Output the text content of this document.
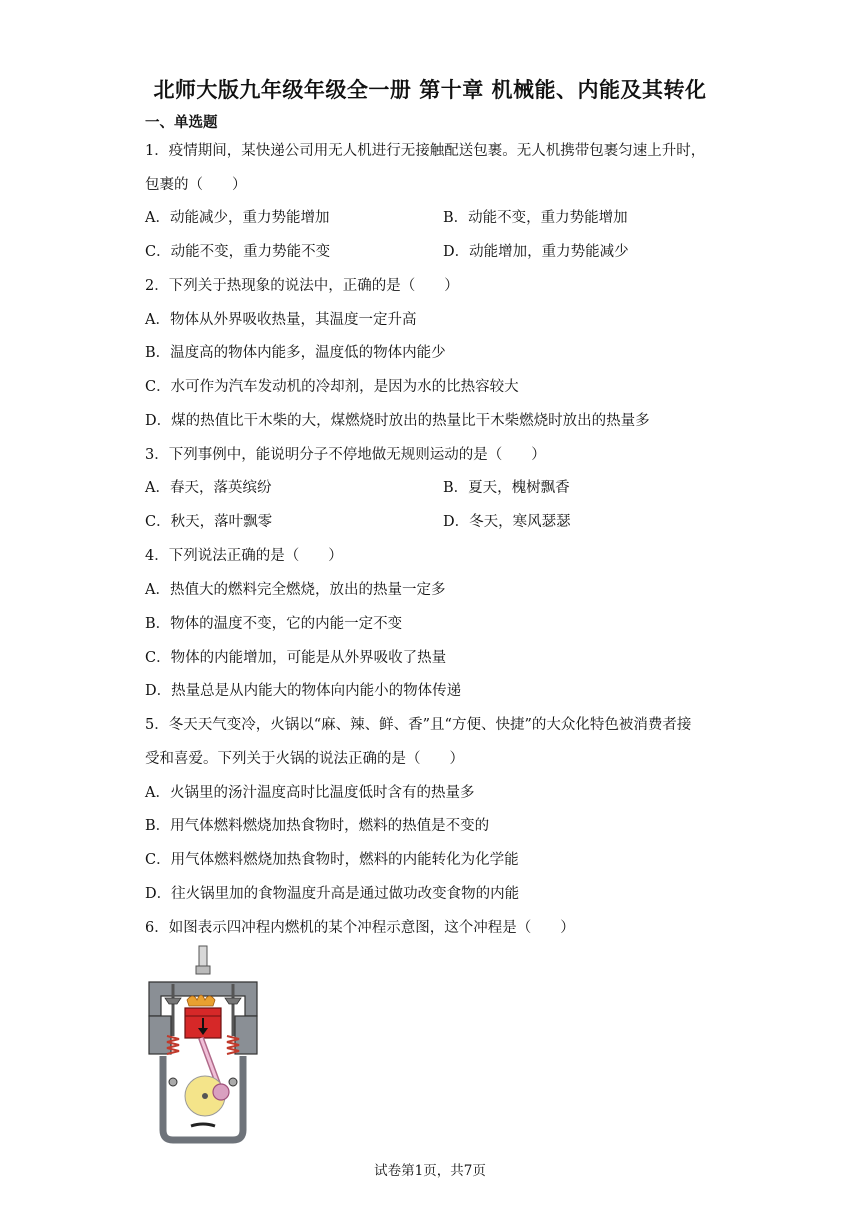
北师大版九年级年级全一册 第十章 机械能、内能及其转化
一、单选题
1．疫情期间，某快递公司用无人机进行无接触配送包裹。无人机携带包裹匀速上升时，
包裹的（　　）
A．动能减少，重力势能增加	B．动能不变，重力势能增加
C．动能不变，重力势能不变	D．动能增加，重力势能减少
2．下列关于热现象的说法中，正确的是（　　）
A．物体从外界吸收热量，其温度一定升高
B．温度高的物体内能多，温度低的物体内能少
C．水可作为汽车发动机的冷却剂，是因为水的比热容较大
D．煤的热值比干木柴的大，煤燃烧时放出的热量比干木柴燃烧时放出的热量多
3．下列事例中，能说明分子不停地做无规则运动的是（　　）
A．春天，落英缤纷	B．夏天，槐树飘香
C．秋天，落叶飘零	D．冬天，寒风瑟瑟
4．下列说法正确的是（　　）
A．热值大的燃料完全燃烧，放出的热量一定多
B．物体的温度不变，它的内能一定不变
C．物体的内能增加，可能是从外界吸收了热量
D．热量总是从内能大的物体向内能小的物体传递
5．冬天天气变冷，火锅以“麻、辣、鲜、香”且“方便、快捷”的大众化特色被消费者接
受和喜爱。下列关于火锅的说法正确的是（　　）
A．火锅里的汤汁温度高时比温度低时含有的热量多
B．用气体燃料燃烧加热食物时，燃料的热值是不变的
C．用气体燃料燃烧加热食物时，燃料的内能转化为化学能
D．往火锅里加的食物温度升高是通过做功改变食物的内能
6．如图表示四冲程内燃机的某个冲程示意图，这个冲程是（　　）
试卷第1页，共7页
